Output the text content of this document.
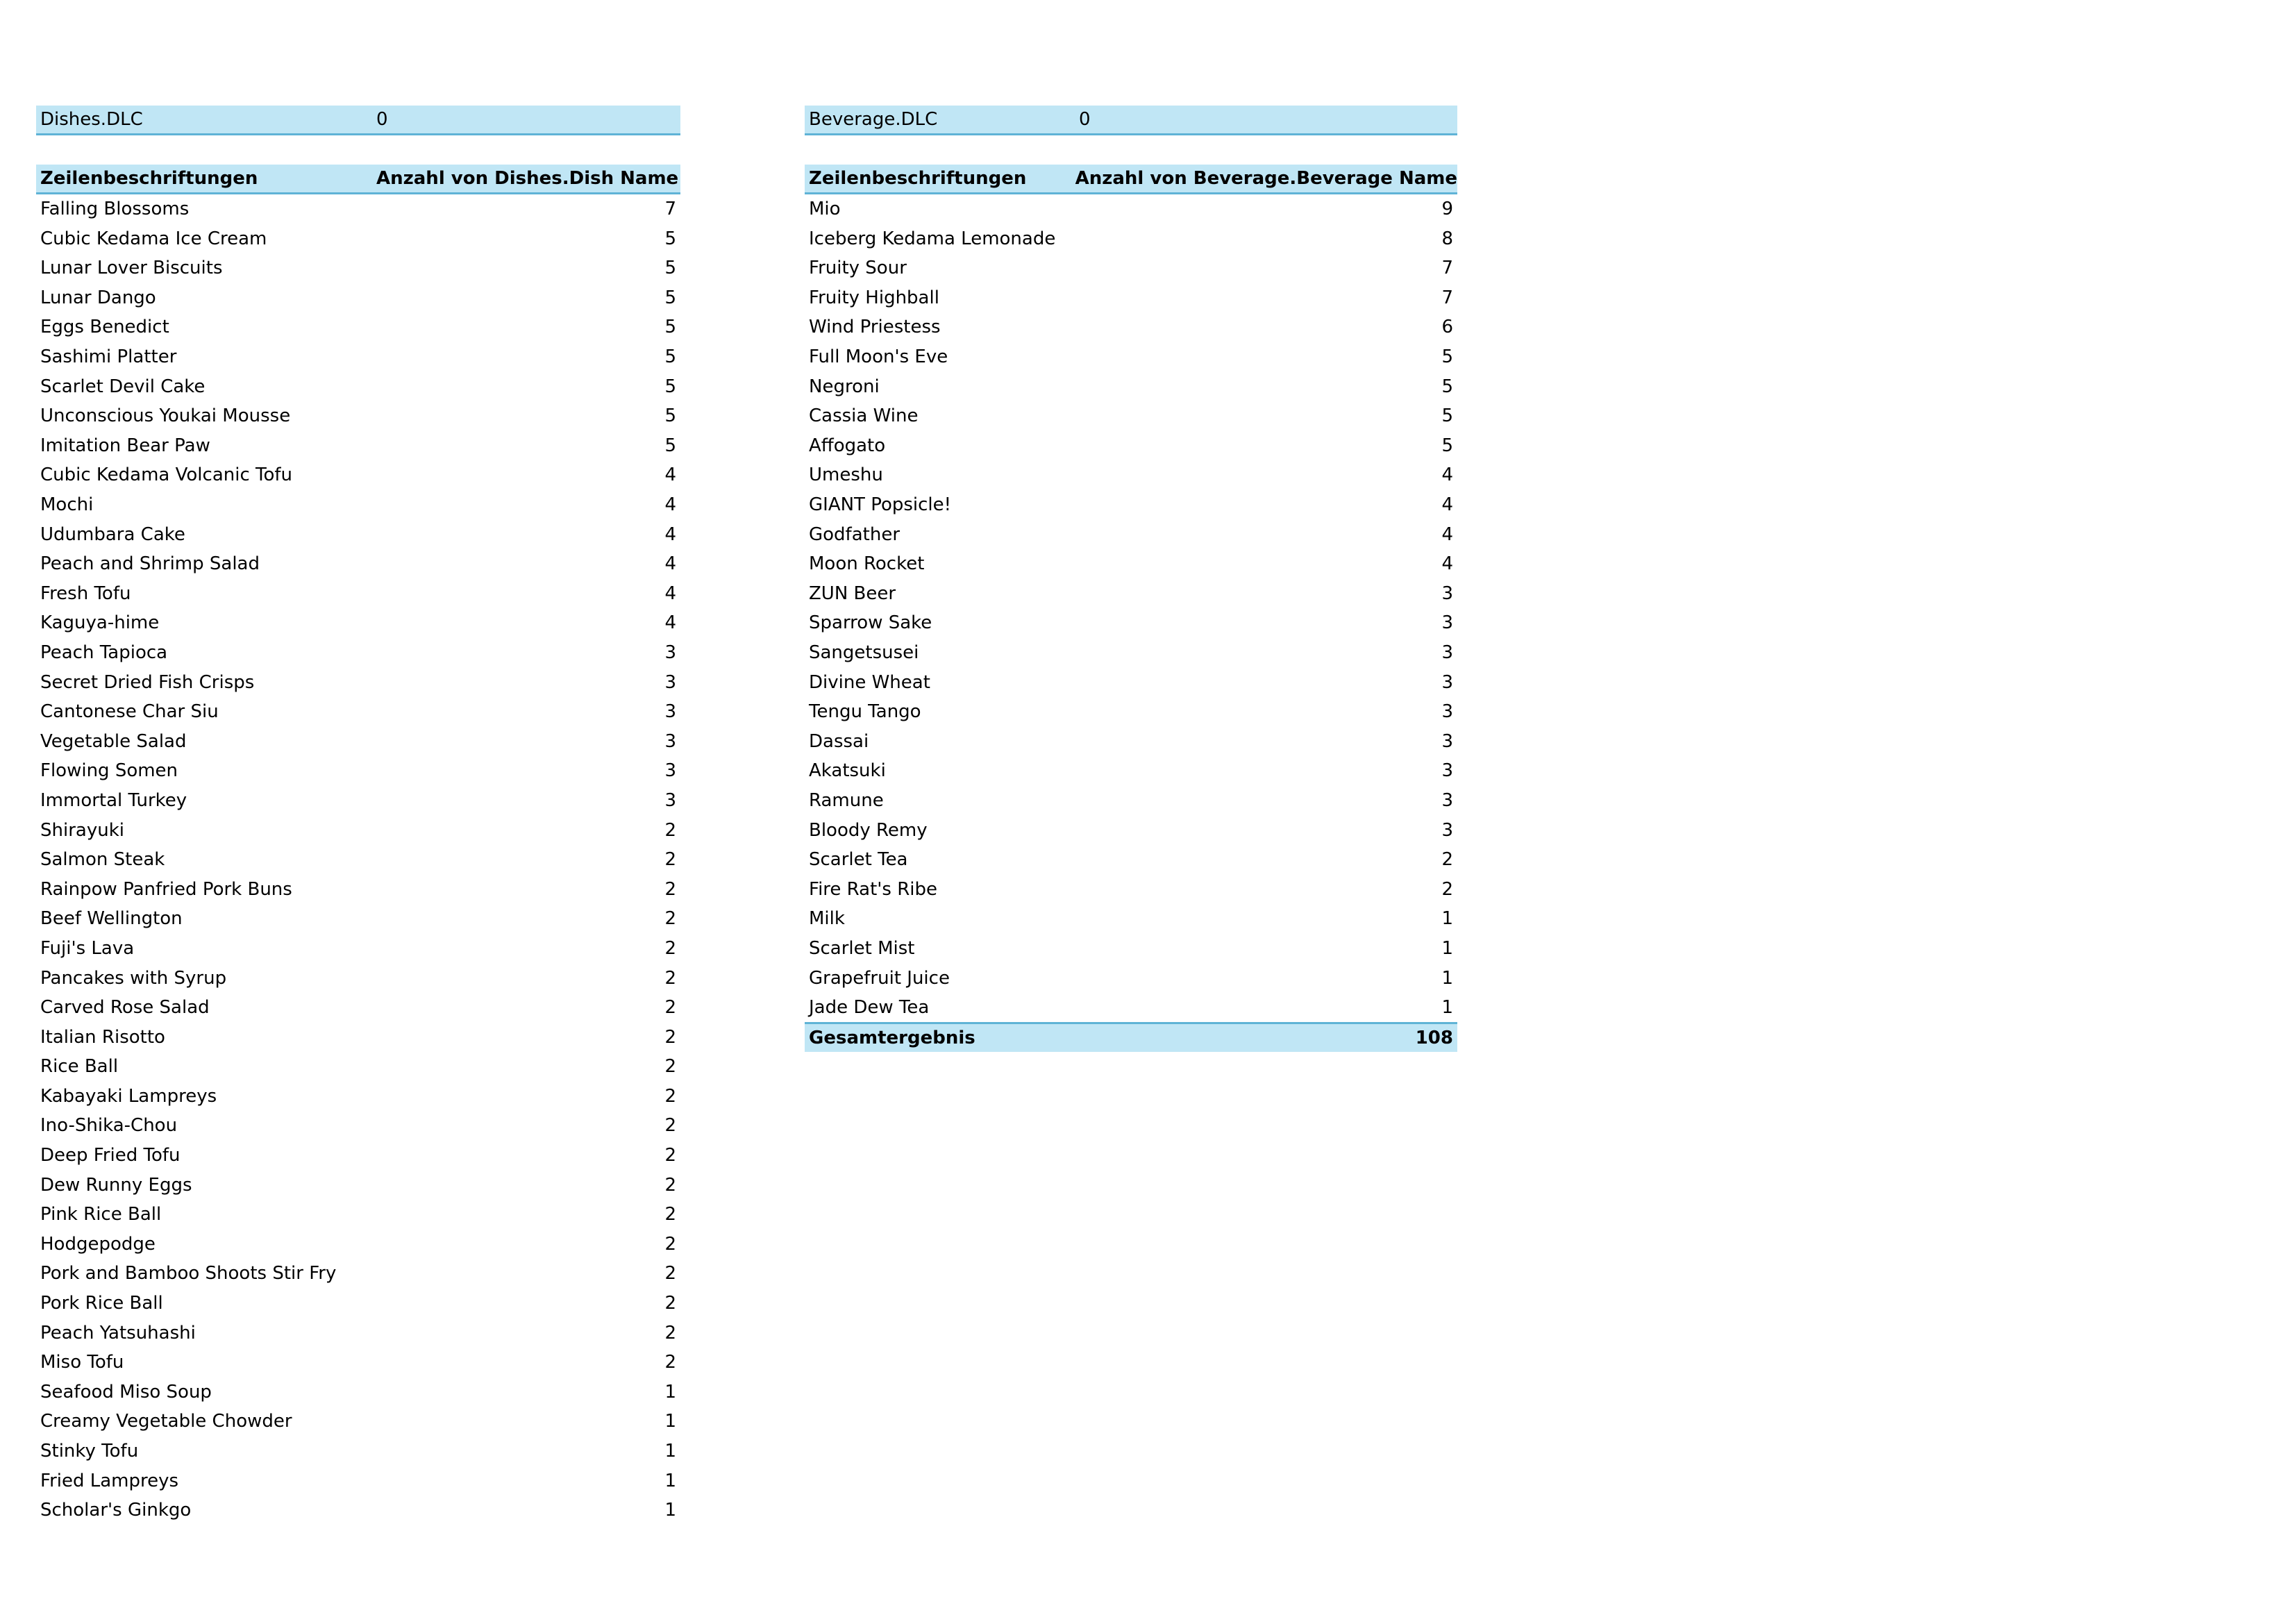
Dishes.DLC	0
Zeilenbeschriftungen	Anzahl von Dishes.Dish Name
Falling Blossoms	7
Cubic Kedama Ice Cream	5
Lunar Lover Biscuits	5
Lunar Dango	5
Eggs Benedict	5
Sashimi Platter	5
Scarlet Devil Cake	5
Unconscious Youkai Mousse	5
Imitation Bear Paw	5
Cubic Kedama Volcanic Tofu	4
Mochi	4
Udumbara Cake	4
Peach and Shrimp Salad	4
Fresh Tofu	4
Kaguya-hime	4
Peach Tapioca	3
Secret Dried Fish Crisps	3
Cantonese Char Siu	3
Vegetable Salad	3
Flowing Somen	3
Immortal Turkey	3
Shirayuki	2
Salmon Steak	2
Rainpow Panfried Pork Buns	2
Beef Wellington	2
Fuji's Lava	2
Pancakes with Syrup	2
Carved Rose Salad	2
Italian Risotto	2
Rice Ball	2
Kabayaki Lampreys	2
Ino-Shika-Chou	2
Deep Fried Tofu	2
Dew Runny Eggs	2
Pink Rice Ball	2
Hodgepodge	2
Pork and Bamboo Shoots Stir Fry	2
Pork Rice Ball	2
Peach Yatsuhashi	2
Miso Tofu	2
Seafood Miso Soup	1
Creamy Vegetable Chowder	1
Stinky Tofu	1
Fried Lampreys	1
Scholar's Ginkgo	1
Beverage.DLC	0
Zeilenbeschriftungen	Anzahl von Beverage.Beverage Name
Mio	9
Iceberg Kedama Lemonade	8
Fruity Sour	7
Fruity Highball	7
Wind Priestess	6
Full Moon's Eve	5
Negroni	5
Cassia Wine	5
Affogato	5
Umeshu	4
GIANT Popsicle!	4
Godfather	4
Moon Rocket	4
ZUN Beer	3
Sparrow Sake	3
Sangetsusei	3
Divine Wheat	3
Tengu Tango	3
Dassai	3
Akatsuki	3
Ramune	3
Bloody Remy	3
Scarlet Tea	2
Fire Rat's Ribe	2
Milk	1
Scarlet Mist	1
Grapefruit Juice	1
Jade Dew Tea	1
Gesamtergebnis	108
